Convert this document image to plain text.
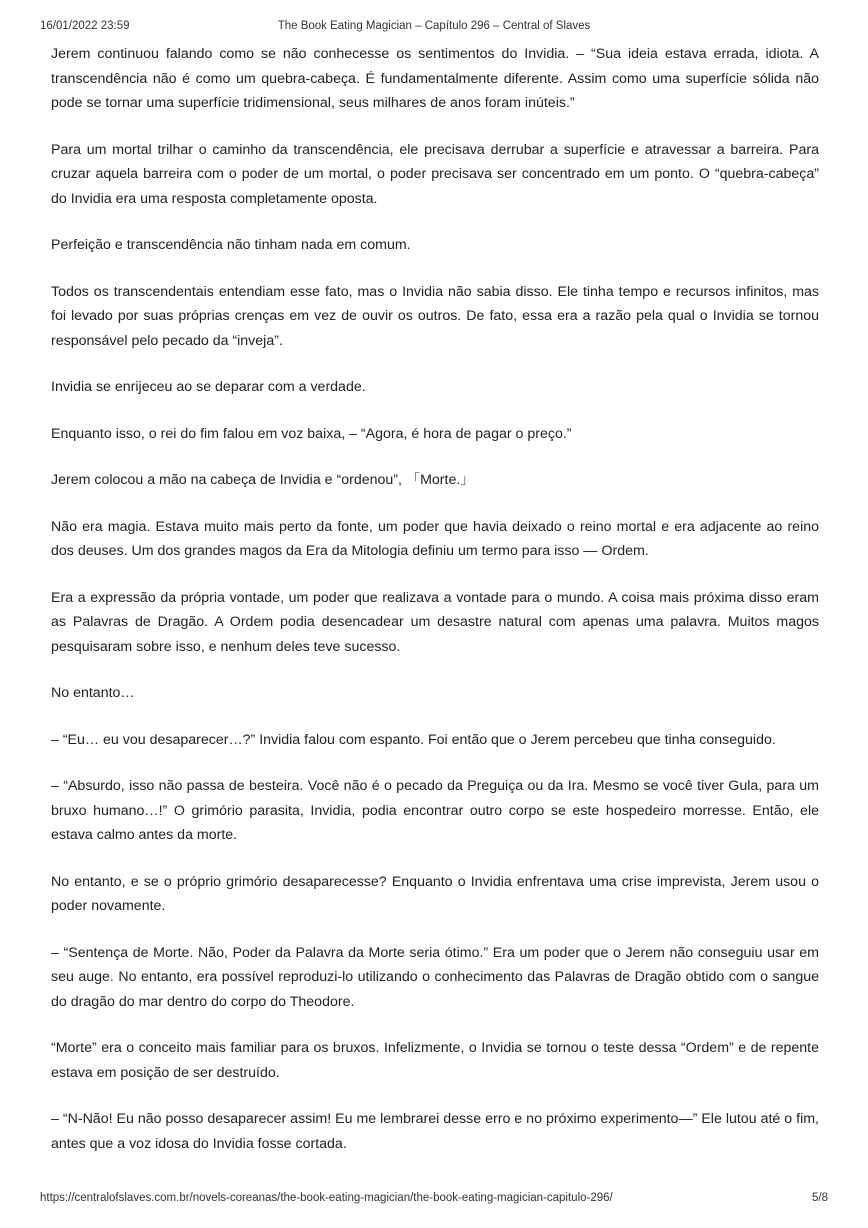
16/01/2022 23:59	The Book Eating Magician – Capítulo 296 – Central of Slaves

Jerem continuou falando como se não conhecesse os sentimentos do Invidia. – “Sua ideia estava errada, idiota. A transcendência não é como um quebra-cabeça. É fundamentalmente diferente. Assim como uma superfície sólida não pode se tornar uma superfície tridimensional, seus milhares de anos foram inúteis.”

Para um mortal trilhar o caminho da transcendência, ele precisava derrubar a superfície e atravessar a barreira. Para cruzar aquela barreira com o poder de um mortal, o poder precisava ser concentrado em um ponto. O “quebra-cabeça” do Invidia era uma resposta completamente oposta.

Perfeição e transcendência não tinham nada em comum.

Todos os transcendentais entendiam esse fato, mas o Invidia não sabia disso. Ele tinha tempo e recursos infinitos, mas foi levado por suas próprias crenças em vez de ouvir os outros. De fato, essa era a razão pela qual o Invidia se tornou responsável pelo pecado da “inveja”.

Invidia se enrijeceu ao se deparar com a verdade.

Enquanto isso, o rei do fim falou em voz baixa, – “Agora, é hora de pagar o preço.”

Jerem colocou a mão na cabeça de Invidia e “ordenou”, 「Morte.」

Não era magia. Estava muito mais perto da fonte, um poder que havia deixado o reino mortal e era adjacente ao reino dos deuses. Um dos grandes magos da Era da Mitologia definiu um termo para isso — Ordem.

Era a expressão da própria vontade, um poder que realizava a vontade para o mundo. A coisa mais próxima disso eram as Palavras de Dragão. A Ordem podia desencadear um desastre natural com apenas uma palavra. Muitos magos pesquisaram sobre isso, e nenhum deles teve sucesso.

No entanto…

– “Eu… eu vou desaparecer…?” Invidia falou com espanto. Foi então que o Jerem percebeu que tinha conseguido.

– “Absurdo, isso não passa de besteira. Você não é o pecado da Preguiça ou da Ira. Mesmo se você tiver Gula, para um bruxo humano…!” O grimório parasita, Invidia, podia encontrar outro corpo se este hospedeiro morresse. Então, ele estava calmo antes da morte.

No entanto, e se o próprio grimório desaparecesse? Enquanto o Invidia enfrentava uma crise imprevista, Jerem usou o poder novamente.

– “Sentença de Morte. Não, Poder da Palavra da Morte seria ótimo.” Era um poder que o Jerem não conseguiu usar em seu auge. No entanto, era possível reproduzi-lo utilizando o conhecimento das Palavras de Dragão obtido com o sangue do dragão do mar dentro do corpo do Theodore.

“Morte” era o conceito mais familiar para os bruxos. Infelizmente, o Invidia se tornou o teste dessa “Ordem” e de repente estava em posição de ser destruído.

– “N-Não! Eu não posso desaparecer assim! Eu me lembrarei desse erro e no próximo experimento—” Ele lutou até o fim, antes que a voz idosa do Invidia fosse cortada.

https://centralofslaves.com.br/novels-coreanas/the-book-eating-magician/the-book-eating-magician-capitulo-296/	5/8
